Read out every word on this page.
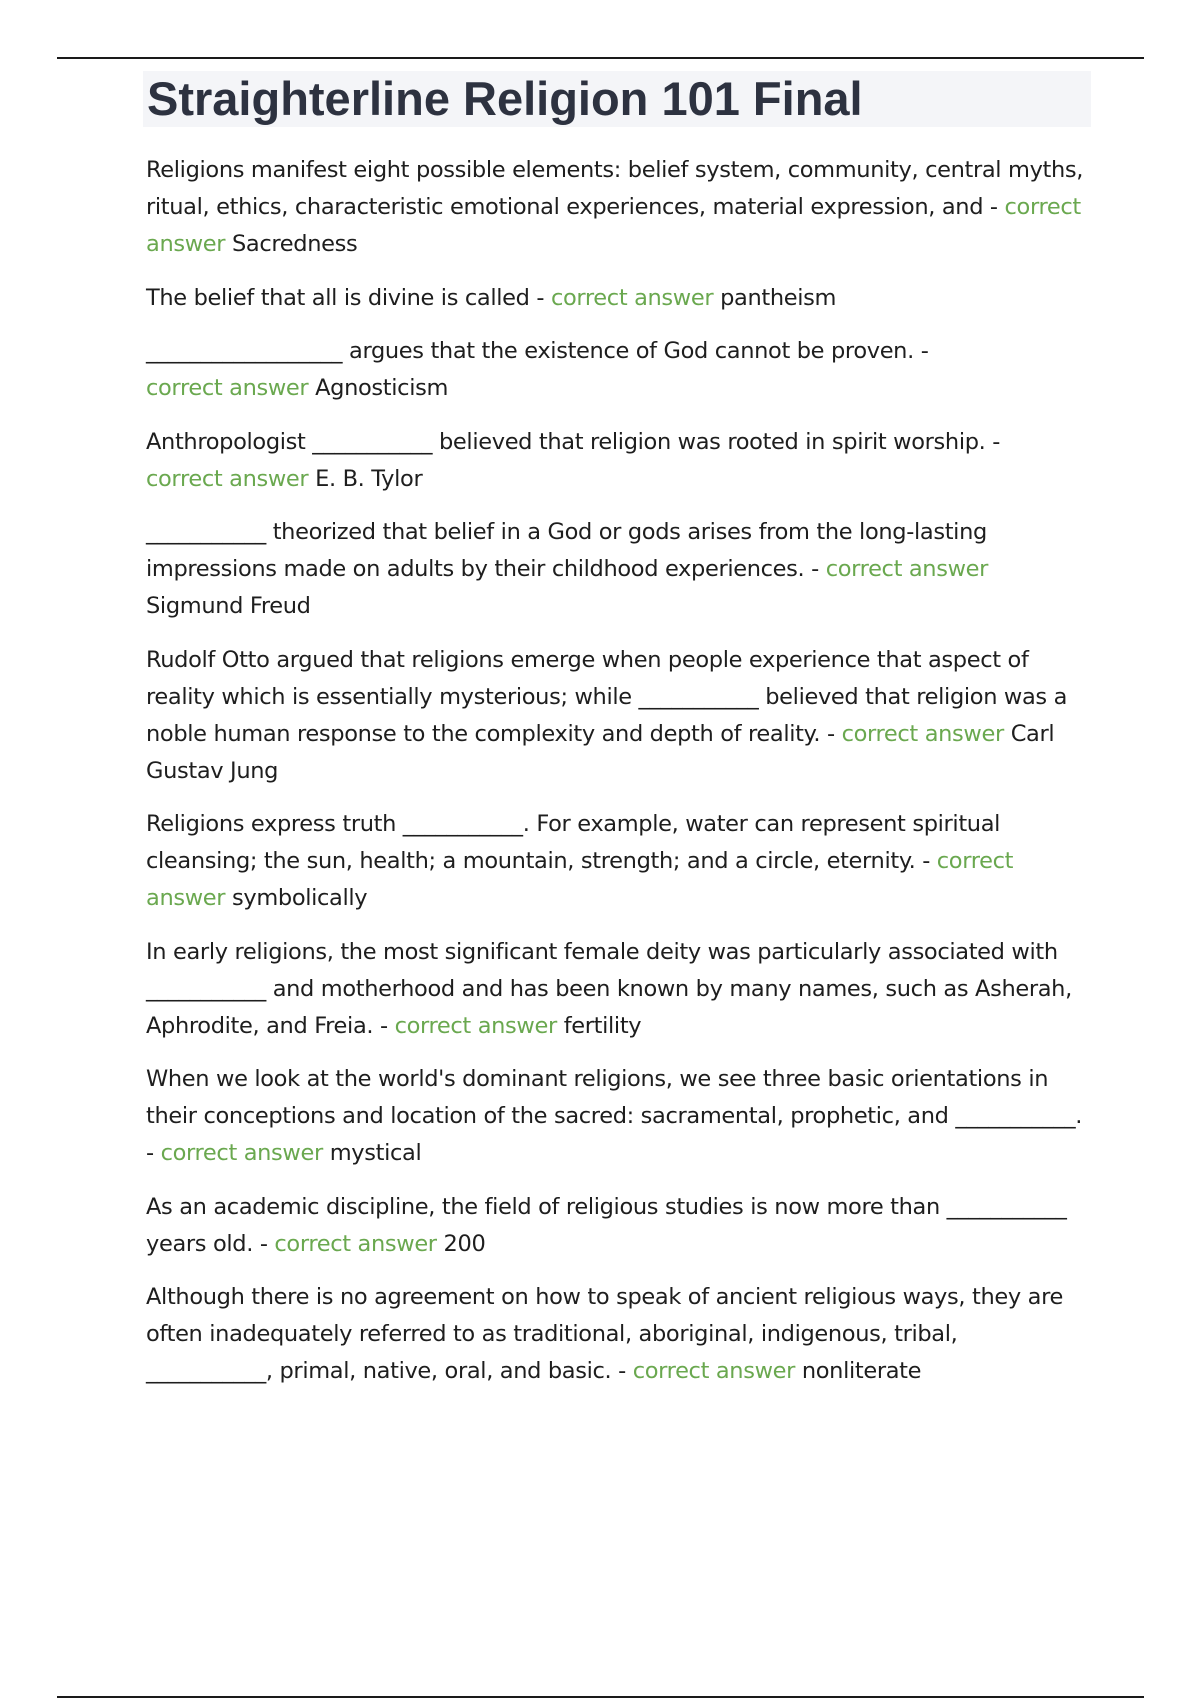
Straighterline Religion 101 Final

Religions manifest eight possible elements: belief system, community, central myths, ritual, ethics, characteristic emotional experiences, material expression, and - correct answer Sacredness

The belief that all is divine is called - correct answer pantheism

__________________ argues that the existence of God cannot be proven. -
correct answer Agnosticism

Anthropologist ___________ believed that religion was rooted in spirit worship. -
correct answer E. B. Tylor

___________ theorized that belief in a God or gods arises from the long-lasting impressions made on adults by their childhood experiences. - correct answer
Sigmund Freud

Rudolf Otto argued that religions emerge when people experience that aspect of reality which is essentially mysterious; while ___________ believed that religion was a noble human response to the complexity and depth of reality. - correct answer Carl Gustav Jung

Religions express truth ___________. For example, water can represent spiritual cleansing; the sun, health; a mountain, strength; and a circle, eternity. - correct answer symbolically

In early religions, the most significant female deity was particularly associated with ___________ and motherhood and has been known by many names, such as Asherah, Aphrodite, and Freia. - correct answer fertility

When we look at the world's dominant religions, we see three basic orientations in their conceptions and location of the sacred: sacramental, prophetic, and ___________. - correct answer mystical

As an academic discipline, the field of religious studies is now more than ___________ years old. - correct answer 200

Although there is no agreement on how to speak of ancient religious ways, they are often inadequately referred to as traditional, aboriginal, indigenous, tribal, ___________, primal, native, oral, and basic. - correct answer nonliterate
